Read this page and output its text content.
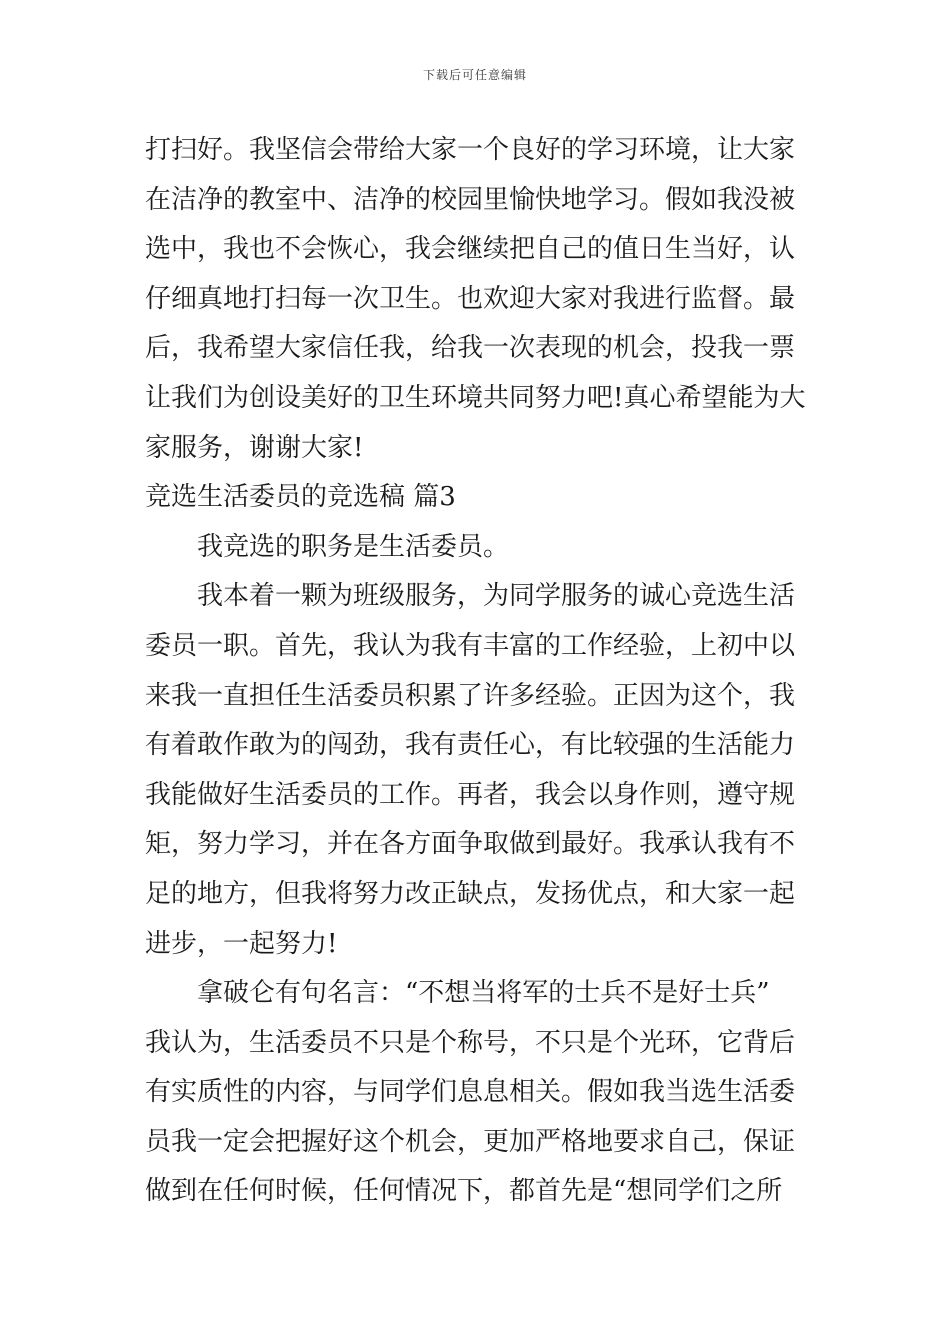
下载后可任意编辑
打扫好。我坚信会带给大家一个良好的学习环境，让大家
在洁净的教室中、洁净的校园里愉快地学习。假如我没被
选中，我也不会恢心，我会继续把自己的值日生当好，认
仔细真地打扫每一次卫生。也欢迎大家对我进行监督。最
后，我希望大家信任我，给我一次表现的机会，投我一票
让我们为创设美好的卫生环境共同努力吧!真心希望能为大
家服务，谢谢大家!
竞选生活委员的竞选稿 篇3
我竞选的职务是生活委员。
我本着一颗为班级服务，为同学服务的诚心竞选生活
委员一职。首先，我认为我有丰富的工作经验，上初中以
来我一直担任生活委员积累了许多经验。正因为这个，我
有着敢作敢为的闯劲，我有责任心，有比较强的生活能力
我能做好生活委员的工作。再者，我会以身作则，遵守规
矩，努力学习，并在各方面争取做到最好。我承认我有不
足的地方，但我将努力改正缺点，发扬优点，和大家一起
进步，一起努力!
拿破仑有句名言：“不想当将军的士兵不是好士兵”
我认为，生活委员不只是个称号，不只是个光环，它背后
有实质性的内容，与同学们息息相关。假如我当选生活委
员我一定会把握好这个机会，更加严格地要求自己，保证
做到在任何时候，任何情况下，都首先是“想同学们之所
